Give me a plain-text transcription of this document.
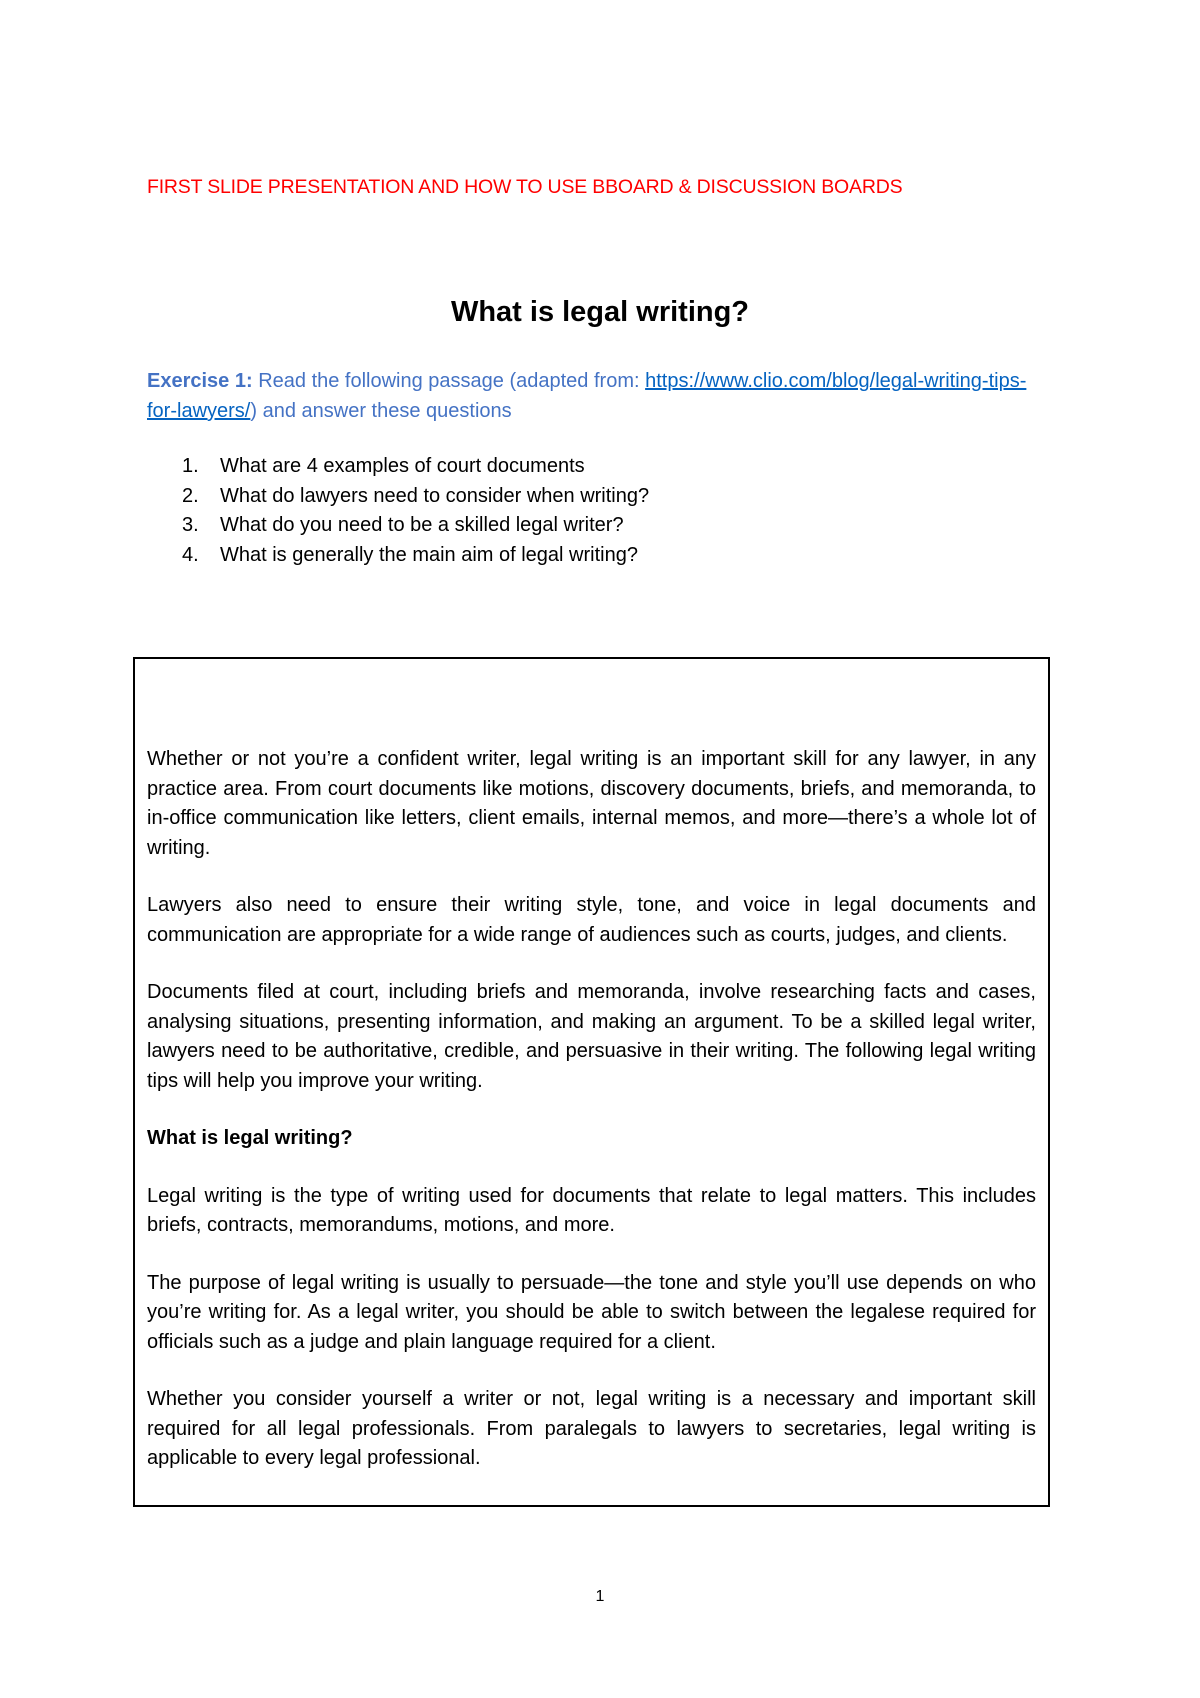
FIRST SLIDE PRESENTATION AND HOW TO USE BBOARD & DISCUSSION BOARDS
What is legal writing?
Exercise 1: Read the following passage (adapted from: https://www.clio.com/blog/legal-writing-tips-for-lawyers/) and answer these questions
1.	What are 4 examples of court documents
2.	What do lawyers need to consider when writing?
3.	What do you need to be a skilled legal writer?
4.	What is generally the main aim of legal writing?

Whether or not you’re a confident writer, legal writing is an important skill for any lawyer, in any practice area. From court documents like motions, discovery documents, briefs, and memoranda, to in-office communication like letters, client emails, internal memos, and more—there’s a whole lot of writing.

Lawyers also need to ensure their writing style, tone, and voice in legal documents and communication are appropriate for a wide range of audiences such as courts, judges, and clients.

Documents filed at court, including briefs and memoranda, involve researching facts and cases, analysing situations, presenting information, and making an argument. To be a skilled legal writer, lawyers need to be authoritative, credible, and persuasive in their writing. The following legal writing tips will help you improve your writing.

What is legal writing?

Legal writing is the type of writing used for documents that relate to legal matters. This includes briefs, contracts, memorandums, motions, and more.

The purpose of legal writing is usually to persuade—the tone and style you’ll use depends on who you’re writing for. As a legal writer, you should be able to switch between the legalese required for officials such as a judge and plain language required for a client.

Whether you consider yourself a writer or not, legal writing is a necessary and important skill required for all legal professionals. From paralegals to lawyers to secretaries, legal writing is applicable to every legal professional.

1
